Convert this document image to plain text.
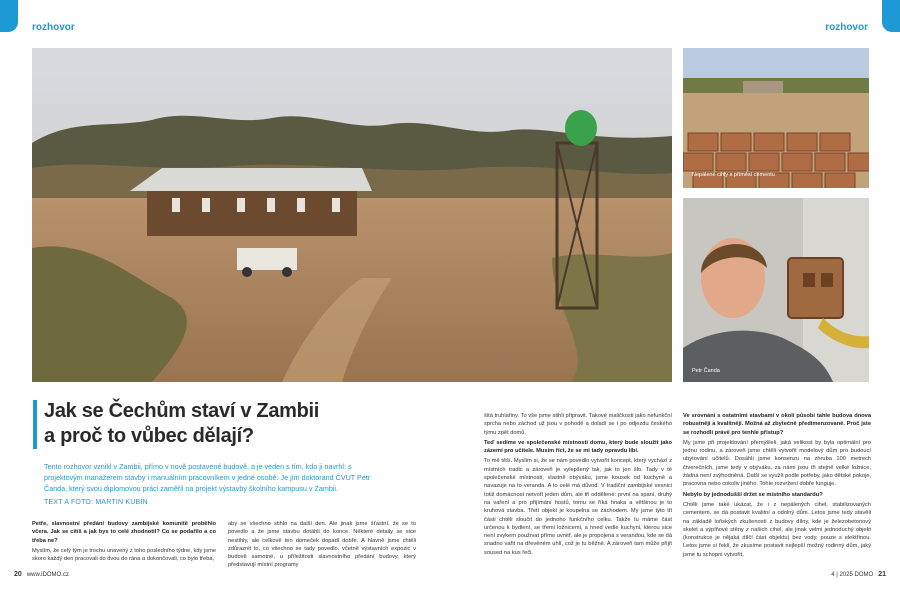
rozhovor	rozhovor
Nepálené cihly s příměsí cementu
Petr Čanda
Jak se Čechům staví v Zambii
a proč to vůbec dělají?
Tento rozhovor vznikl v Zambii, přímo v nově postavené budově, a je veden s tím, kdo ji navrhl: s projektovým manažerem stavby i manuálním pracovníkem v jedné osobě. Je jím doktorand ČVUT Petr Čanda, který svou diplomovou práci zaměřil na projekt výstavby školního kampusu v Zambii.
TEXT A FOTO: MARTIN KUBÍN

Petře, slavnostní předání budovy zambijské komunitě proběhlo včera. Jak se cítíš a jak bys to celé zhodnotil? Co se podařilo a co třeba ne?

Myslím, že celý tým je trochu unavený z toho posledního týdne, kdy jsme skoro každý den pracovali do dvou do rána a dokončovali, co bylo třeba,

aby se všechno stihlo na další den. Ale jinak jsme šťastní, že se to povedlo a že jsme stavbu dotáhli do konce. Některé detaily se sice nestihly, ale celkově ten domeček dopadl dobře. A hlavně jsme chtěli zdůraznit to, co všechno se tady povedlo, včetně výstavních expozic v budově samotné, u příležitosti slavnostního předání budovy, který představují místní programy

šitá truhlařiny. To vše jsme stihli připravit. Takové maličkosti jako nefunkční sprcha nebo záchod už jsou v pohodě a doladí se i po odjezdu českého týmu zpět domů.

Teď sedíme ve společenské místnosti domu, který bude sloužit jako zázemí pro učitele. Musím říct, že se mi tady opravdu líbí.

To mě těší. Myslím si, že se nám povedlo vytvořit koncept, který vychází z místních tradic a zároveň je vylepšený tak, jak to jen šlo. Tady v té společenské místnosti, vlastně obýváku, jsme kousek od kuchyně a navazuje na to veranda. A to celé má důvod. V tradiční zambijské vesnici totiž domácnost netvoří jeden dům, ale tři oddělené: první na spaní, druhý na vaření a pro přijímání hostů, tomu se říká hnaka a většinou je to kruhová stavba. Třetí objekt je koupelna se záchodem. My jsme tyto tři části chtěli sloučit do jednoho funkčního celku. Takže tu máme část určenou k bydlení, se třemi ložnicemi, a hned vedle kuchyni, kterou sice není zvykem používat přímo uvnitř, ale je propojena s verandou, kde se dá snadno vařit na dřevěném uhlí, což je tu běžné. A zároveň tam může přijít soused na kus řeči.

Ve srovnání s ostatními stavbami v okolí působí tahle budova dnova robustněji a kvalitněji. Možná až zbytečně předimenzovaně. Proč jste se rozhodli právě pro tenhle přístup?

My jsme při projektování přemýšleli, jaká velikost by byla optimální pro jednu rodinu, a zároveň jsme chtěli vytvořit modelový dům pro budoucí ubytování učitelů. Dosáhli jsme konsenzu na zhruba 100 metrech čtverečních, jsme tedy v obýváku, za námi jsou tři stejně velké ložnice, žádná není zvýhodněná. Další se využít podle potřeby, jako dětské pokoje, pracovna nebo cokoliv jiného. Tohle rozvržení dobře funguje.

Nebylo by jednodušší držet se místního standardu?

Chtěli jsme také ukázat, že i z nepálených cihel, stabilizovaných cementem, se dá postavit kvalitní a odolný dům. Letos jsme tedy stavěli na základě loňských zkušeností z budovy dílny, kde je železobetonový skelet a výplňové stěny z našich cihel, ale jinak velmi jednoduchý objekt (konstrukce je nějaká dílčí část objektu) bez vody, pouze s elektřinou. Letos jsme si řekli, že zkusíme postavit nejlepší možný rodinný dům, jaký jsme tu schopni vytvořit,

20 www.iDOMO.cz	4 | 2025 DOMO 21
